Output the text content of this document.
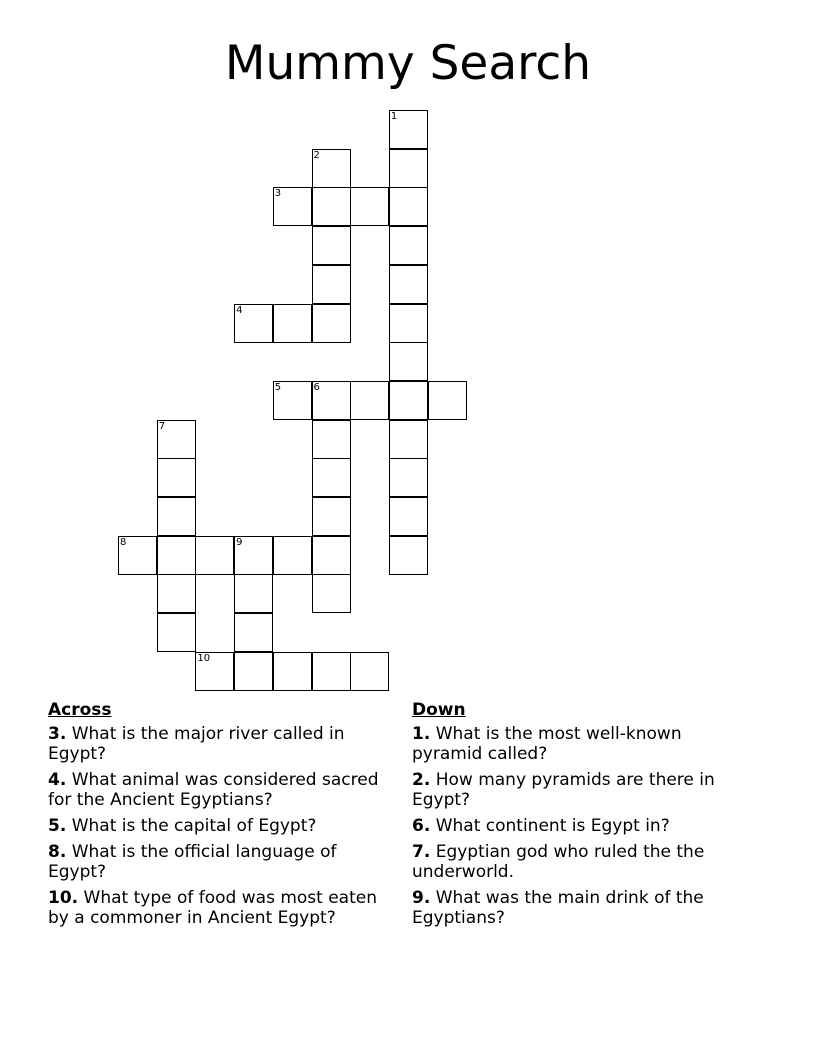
Mummy Search
1
2
3
4
5	6
7
8	9
10
Across
3. What is the major river called in Egypt?
4. What animal was considered sacred for the Ancient Egyptians?
5. What is the capital of Egypt?
8. What is the official language of Egypt?
10. What type of food was most eaten by a commoner in Ancient Egypt?
Down
1. What is the most well-known pyramid called?
2. How many pyramids are there in Egypt?
6. What continent is Egypt in?
7. Egyptian god who ruled the the underworld.
9. What was the main drink of the Egyptians?
